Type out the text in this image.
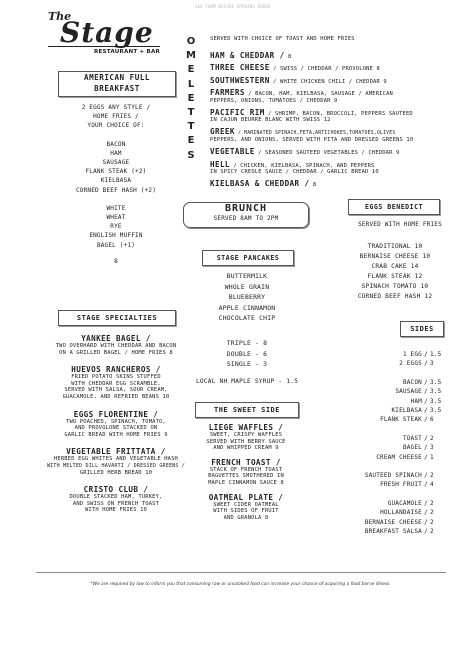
SEE FORM BEFORE OPENING ORDER
The
Stage
RESTAURANT + BAR
O
M
E
L
E
T
T
E
S
SERVED WITH CHOICE OF TOAST AND HOME FRIES
HAM & CHEDDAR / 8
THREE CHEESE / SWISS / CHEDDAR / PROVOLONE 8
SOUTHWESTERN / WHITE CHICKEN CHILI / CHEDDAR 9
FARMERS / BACON, HAM, KIELBASA, SAUSAGE / AMERICAN
PEPPERS, ONIONS, TOMATOES / CHEDDAR 9
PACIFIC RIM / SHRIMP, BACON, BROCCOLI, PEPPERS SAUTEED
IN CAJUN BEURRE BLANC WITH SWISS 12
GREEK / MARINATED SPINACH,FETA,ARTICHOKES,TOMATOES,OLIVES
PEPPERS, AND ONIONS, SERVED WITH PITA AND DRESSED GREENS 10
VEGETABLE / SEASONED SAUTEED VEGETABLES / CHEDDAR 9
HELL / CHICKEN, KIELBASA, SPINACH, AND PEPPERS
IN SPICY CREOLE SAUCE / CHEDDAR / GARLIC BREAD 10
KIELBASA & CHEDDAR / 8
AMERICAN FULL BREAKFAST
2 EGGS ANY STYLE /
HOME FRIES /
YOUR CHOICE OF:
BACON
HAM
SAUSAGE
FLANK STEAK (+2)
KIELBASA
CORNED BEEF HASH (+2)
WHITE
WHEAT
RYE
ENGLISH MUFFIN
BAGEL (+1)
8
BRUNCH
SERVED 8AM TO 2PM
STAGE PANCAKES
BUTTERMILK
WHOLE GRAIN
BLUEBERRY
APPLE CINNAMON
CHOCOLATE CHIP
TRIPLE - 8
DOUBLE - 6
SINGLE - 3
LOCAL NH MAPLE SYRUP - 1.5
EGGS BENEDICT
SERVED WITH HOME FRIES
TRADITIONAL 10
BERNAISE CHEESE 10
CRAB CAKE 14
FLANK STEAK 12
SPINACH TOMATO 10
CORNED BEEF HASH 12
STAGE SPECIALTIES
YANKEE BAGEL /
TWO OVERHARD WITH CHEDDAR AND BACON
ON A GRILLED BAGEL / HOME FRIES 8
HUEVOS RANCHEROS /
FRIED POTATO SKINS STUFFED
WITH CHEDDAR EGG SCRAMBLE,
SERVED WITH SALSA, SOUR CREAM,
GUACAMOLE, AND REFRIED BEANS 10
EGGS FLORENTINE /
TWO POACHED, SPINACH, TOMATO,
AND PROVOLONE STACKED ON
GARLIC BREAD WITH HOME FRIES 9
VEGETABLE FRITTATA /
HERBED EGG WHITES AND VEGETABLE HASH
WITH MELTED DILL HAVARTI / DRESSED GREENS /
GRILLED HERB BREAD 10
CRISTO CLUB /
DOUBLE STACKED HAM, TURKEY,
AND SWISS ON FRENCH TOAST
WITH HOME FRIES 10
THE SWEET SIDE
LIEGE WAFFLES /
SWEET, CRISPY WAFFLES
SERVED WITH BERRY SAUCE
AND WHIPPED CREAM 9
FRENCH TOAST /
STACK OF FRENCH TOAST
BAGUETTES SMOTHERED IN
MAPLE CINNAMON SAUCE 8
OATMEAL PLATE /
SWEET CIDER OATMEAL
WITH SIDES OF FRUIT
AND GRANOLA 8
SIDES
1 EGG / 1.5
2 EGGS / 3
BACON / 3.5
SAUSAGE / 3.5
HAM / 3.5
KIELBASA / 3.5
FLANK STEAK / 6
TOAST / 2
BAGEL / 3
CREAM CHEESE / 1
SAUTEED SPINACH / 2
FRESH FRUIT / 4
GUACAMOLE / 2
HOLLANDAISE / 2
BERNAISE CHEESE / 2
BREAKFAST SALSA / 2
*We are required by law to inform you that consuming raw or uncooked food can increase your chance of acquiring a food borne illness
